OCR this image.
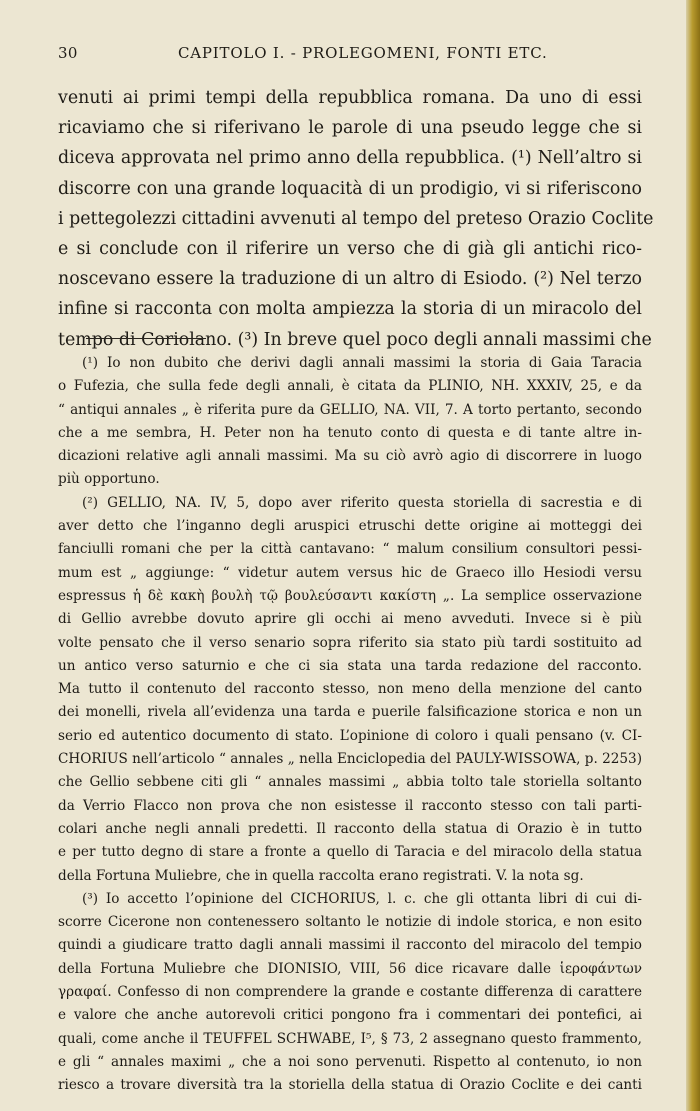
30	CAPITOLO I. - PROLEGOMENI, FONTI ETC.
venuti ai primi tempi della repubblica romana. Da uno di essi
ricaviamo che si riferivano le parole di una pseudo legge che si
diceva approvata nel primo anno della repubblica. (¹) Nell’altro si
discorre con una grande loquacità di un prodigio, vi si riferiscono
i pettegolezzi cittadini avvenuti al tempo del preteso Orazio Coclite
e si conclude con il riferire un verso che di già gli antichi rico-
noscevano essere la traduzione di un altro di Esiodo. (²) Nel terzo
infine si racconta con molta ampiezza la storia di un miracolo del
tempo di Coriolano. (³) In breve quel poco degli annali massimi che
(¹) Io non dubito che derivi dagli annali massimi la storia di Gaia Taracia
o Fufezia, che sulla fede degli annali, è citata da PLINIO, NH. XXXIV, 25, e da
“ antiqui annales „ è riferita pure da GELLIO, NA. VII, 7. A torto pertanto, secondo
che a me sembra, H. Peter non ha tenuto conto di questa e di tante altre in-
dicazioni relative agli annali massimi. Ma su ciò avrò agio di discorrere in luogo
più opportuno.
(²) GELLIO, NA. IV, 5, dopo aver riferito questa storiella di sacrestia e di
aver detto che l’inganno degli aruspici etruschi dette origine ai motteggi dei
fanciulli romani che per la città cantavano: “ malum consilium consultori pessi-
mum est „ aggiunge: “ videtur autem versus hic de Graeco illo Hesiodi versu
espressus ἡ δὲ κακὴ βουλὴ τῷ βουλεύσαντι κακίστη „. La semplice osservazione
di Gellio avrebbe dovuto aprire gli occhi ai meno avveduti. Invece si è più
volte pensato che il verso senario sopra riferito sia stato più tardi sostituito ad
un antico verso saturnio e che ci sia stata una tarda redazione del racconto.
Ma tutto il contenuto del racconto stesso, non meno della menzione del canto
dei monelli, rivela all’evidenza una tarda e puerile falsificazione storica e non un
serio ed autentico documento di stato. L’opinione di coloro i quali pensano (v. CI-
CHORIUS nell’articolo “ annales „ nella Enciclopedia del PAULY-WISSOWA, p. 2253)
che Gellio sebbene citi gli “ annales massimi „ abbia tolto tale storiella soltanto
da Verrio Flacco non prova che non esistesse il racconto stesso con tali parti-
colari anche negli annali predetti. Il racconto della statua di Orazio è in tutto
e per tutto degno di stare a fronte a quello di Taracia e del miracolo della statua
della Fortuna Muliebre, che in quella raccolta erano registrati. V. la nota sg.
(³) Io accetto l’opinione del CICHORIUS, l. c. che gli ottanta libri di cui di-
scorre Cicerone non contenessero soltanto le notizie di indole storica, e non esito
quindi a giudicare tratto dagli annali massimi il racconto del miracolo del tempio
della Fortuna Muliebre che DIONISIO, VIII, 56 dice ricavare dalle ἱεροφάντων
γραφαί. Confesso di non comprendere la grande e costante differenza di carattere
e valore che anche autorevoli critici pongono fra i commentari dei pontefici, ai
quali, come anche il TEUFFEL SCHWABE, I⁵, § 73, 2 assegnano questo frammento,
e gli “ annales maximi „ che a noi sono pervenuti. Rispetto al contenuto, io non
riesco a trovare diversità tra la storiella della statua di Orazio Coclite e dei canti
